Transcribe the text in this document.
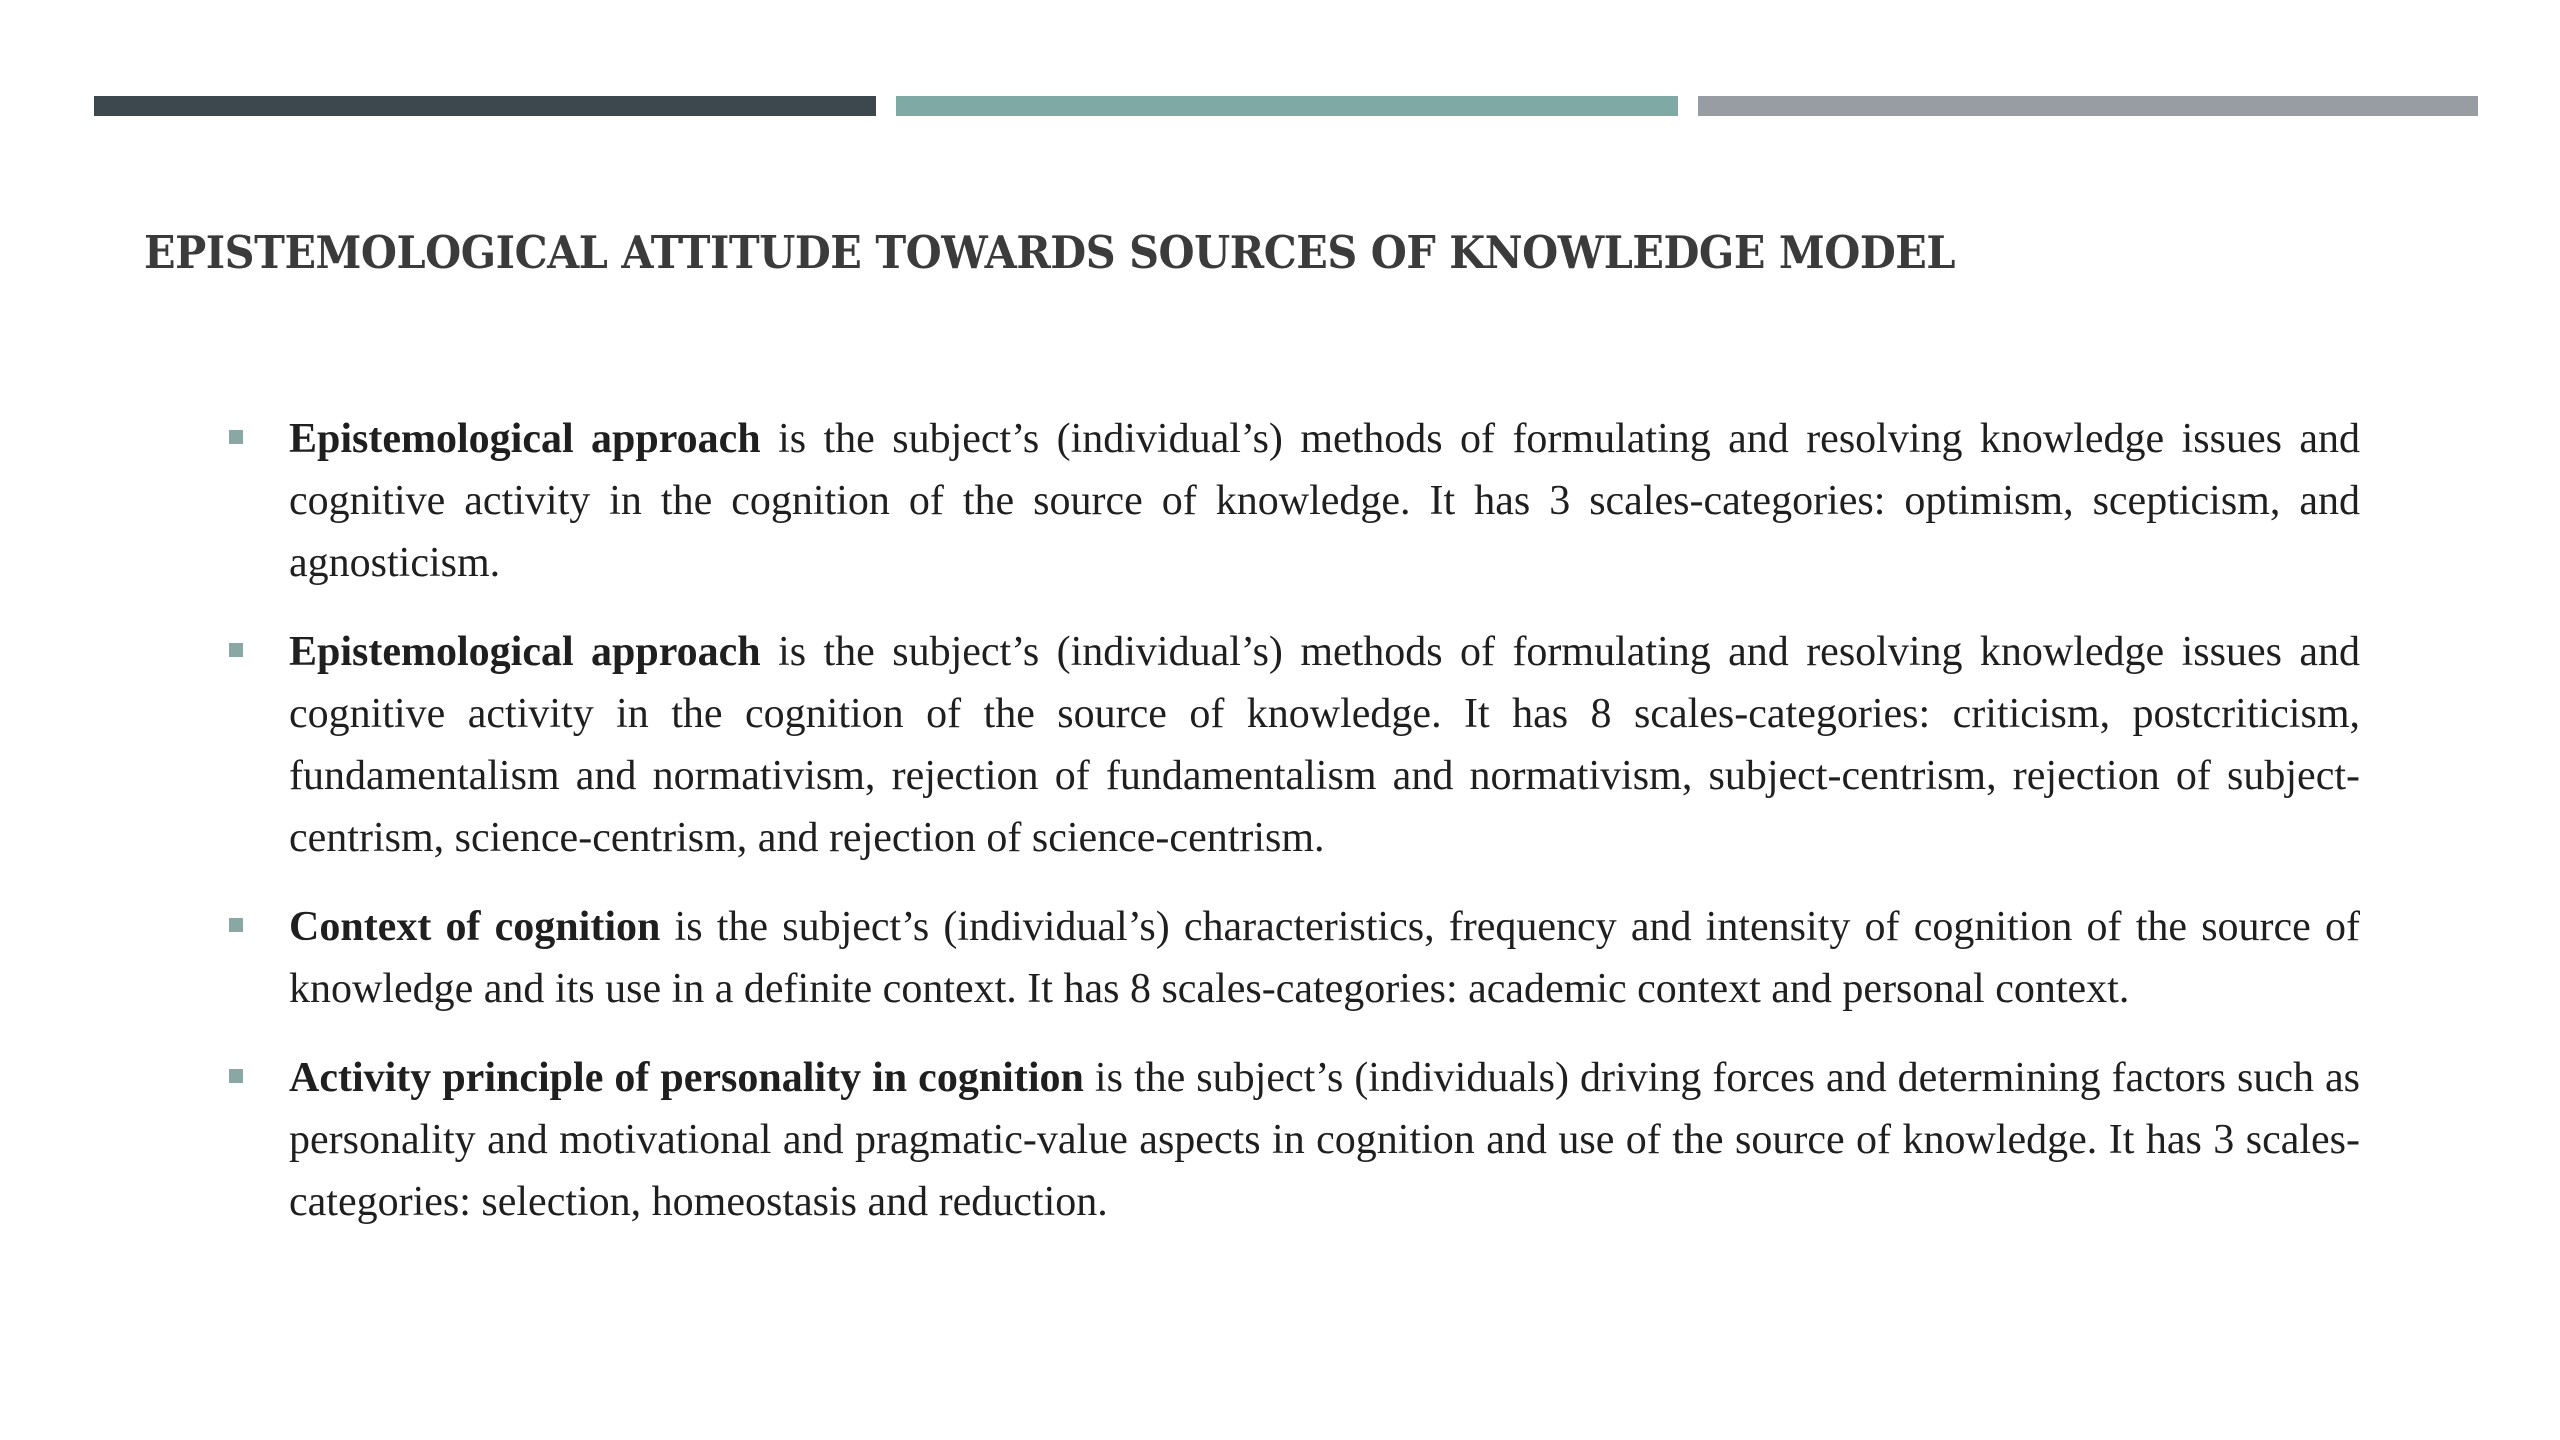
EPISTEMOLOGICAL ATTITUDE TOWARDS SOURCES OF KNOWLEDGE MODEL

Epistemological approach is the subject’s (individual’s) methods of formulating and resolving knowledge issues and cognitive activity in the cognition of the source of knowledge. It has 3 scales-categories: optimism, scepticism, and agnosticism.

Epistemological approach is the subject’s (individual’s) methods of formulating and resolving knowledge issues and cognitive activity in the cognition of the source of knowledge. It has 8 scales-categories: criticism, postcriticism, fundamentalism and normativism, rejection of fundamentalism and normativism, subject-centrism, rejection of subject-centrism, science-centrism, and rejection of science-centrism.

Context of cognition is the subject’s (individual’s) characteristics, frequency and intensity of cognition of the source of knowledge and its use in a definite context. It has 8 scales-categories: academic context and personal context.

Activity principle of personality in cognition is the subject’s (individuals) driving forces and determining factors such as personality and motivational and pragmatic-value aspects in cognition and use of the source of knowledge. It has 3 scales-categories: selection, homeostasis and reduction.
